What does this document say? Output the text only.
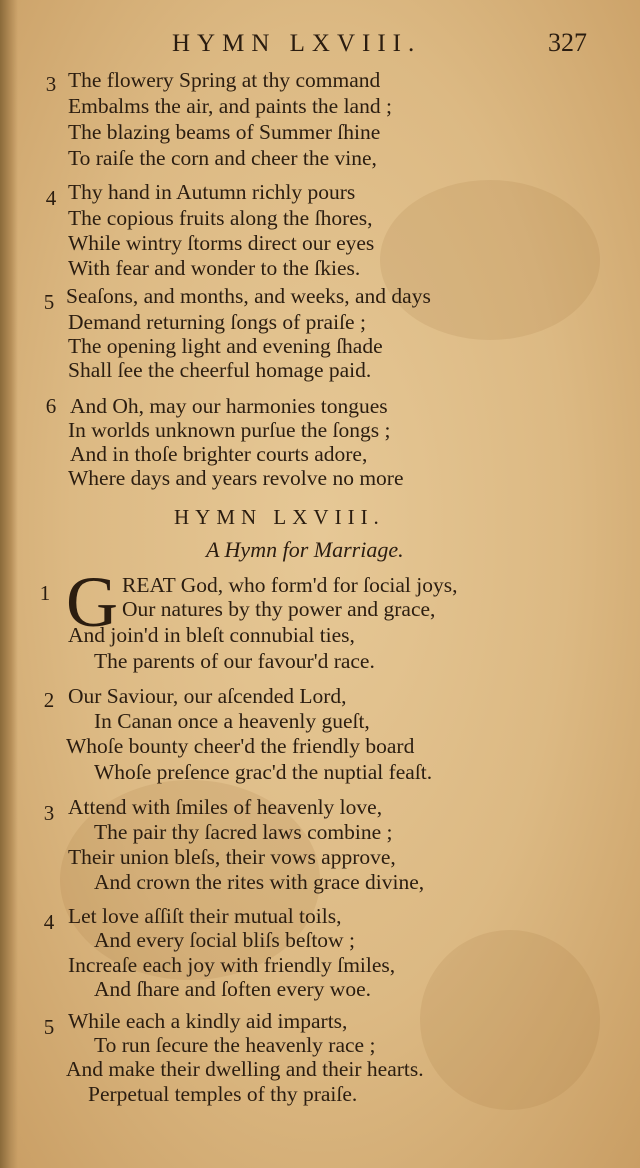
HYMN LXVIII.	327
3 The flowery Spring at thy command
Embalms the air, and paints the land ;
The blazing beams of Summer ſhine
To raiſe the corn and cheer the vine,
4 Thy hand in Autumn richly pours
The copious fruits along the ſhores,
While wintry ſtorms direct our eyes
With fear and wonder to the ſkies.
5 Seaſons, and months, and weeks, and days
Demand returning ſongs of praiſe ;
The opening light and evening ſhade
Shall ſee the cheerful homage paid.
6 And Oh, may our harmonies tongues
In worlds unknown purſue the ſongs ;
And in thoſe brighter courts adore,
Where days and years revolve no more
HYMN LXVIII.
A Hymn for Marriage.
G
1	REAT God, who form'd for ſocial joys,
Our natures by thy power and grace,
And join'd in bleſt connubial ties,
The parents of our favour'd race.
2 Our Saviour, our aſcended Lord,
In Canan once a heavenly gueſt,
Whoſe bounty cheer'd the friendly board
Whoſe preſence grac'd the nuptial feaſt.
3 Attend with ſmiles of heavenly love,
The pair thy ſacred laws combine ;
Their union bleſs, their vows approve,
And crown the rites with grace divine,
4 Let love aſſiſt their mutual toils,
And every ſocial bliſs beſtow ;
Increaſe each joy with friendly ſmiles,
And ſhare and ſoften every woe.
5 While each a kindly aid imparts,
To run ſecure the heavenly race ;
And make their dwelling and their hearts.
Perpetual temples of thy praiſe.
